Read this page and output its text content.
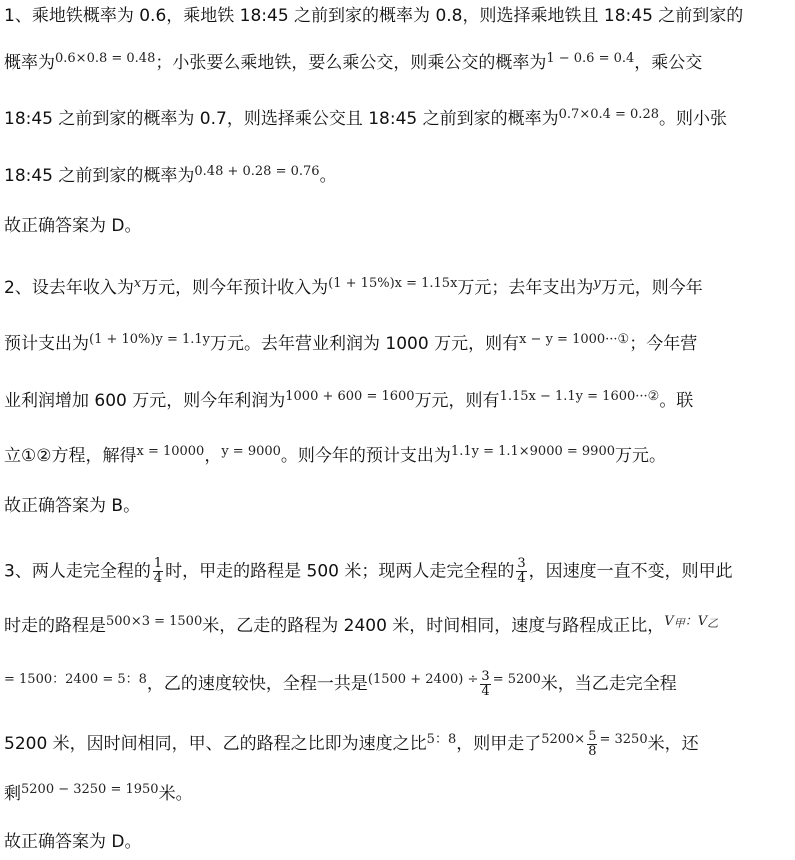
1、乘地铁概率为 0.6，乘地铁 18:45 之前到家的概率为 0.8，则选择乘地铁且 18:45 之前到家的
概率为$^{0.6\times 0.8 = 0.48}$；小张要么乘地铁，要么乘公交，则乘公交的概率为$^{1 - 0.6 = 0.4}$，乘公交
18:45 之前到家的概率为 0.7，则选择乘公交且 18:45 之前到家的概率为$^{0.7\times 0.4 = 0.28}$。则小张
18:45 之前到家的概率为$^{0.48 + 0.28 = 0.76}$。
故正确答案为 D。
2、设去年收入为$^x$万元，则今年预计收入为$^{(1 + 15\%)x = 1.15x}$万元；去年支出为$^y$万元，则今年
预计支出为$^{(1 + 10\%)y = 1.1y}$万元。去年营业利润为 1000 万元，则有$^{x - y = 1000\cdot\cdot\cdot ①}$；今年营
业利润增加 600 万元，则今年利润为$^{1000 + 600 = 1600}$万元，则有$^{1.15x - 1.1y = 1600\cdot\cdot\cdot ②}$。联
立①②方程，解得$^{x = 10000}$，$^{y = 9000}$。则今年的预计支出为$^{1.1y = 1.1\times 9000 = 9900}$万元。
故正确答案为 B。
3、两人走完全程的 $\frac{1}{4}$ 时，甲走的路程是 500 米；现两人走完全程的 $\frac{3}{4}$ ，因速度一直不变，则甲此
时走的路程是$^{500\times 3 = 1500}$米，乙走的路程为 2400 米，时间相同，速度与路程成正比，$^{V甲:V乙}$
$^{= 1500:2400 = 5:8}$，乙的速度较快，全程一共是$^{(1500 + 2400) \div} \frac{3}{4} ^{= 5200}$米，当乙走完全程
5200 米，因时间相同，甲、乙的路程之比即为速度之比$^{5:8}$，则甲走了$^{5200\times} \frac{5}{8} ^{= 3250}$米，还
剩$^{5200 - 3250 = 1950}$米。
故正确答案为 D。
